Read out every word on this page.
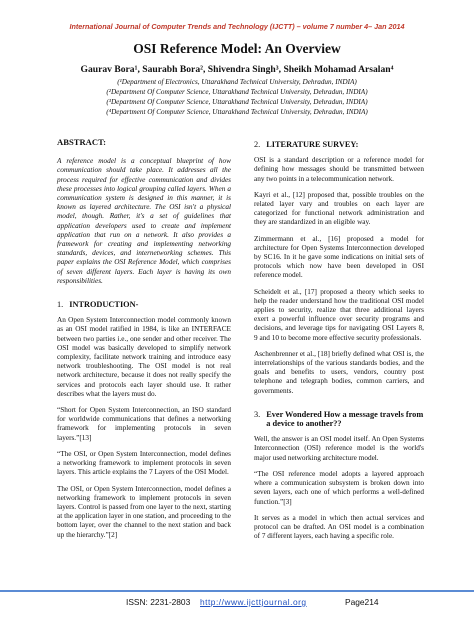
International Journal of Computer Trends and Technology (IJCTT) – volume 7 number 4– Jan 2014
OSI Reference Model: An Overview
Gaurav Bora¹, Saurabh Bora², Shivendra Singh³, Sheikh Mohamad Arsalan⁴
(¹Department of Electronics, Uttarakhand Technical University, Dehradun, INDIA)
(²Department Of Computer Science, Uttarakhand Technical University, Dehradun, INDIA)
(³Department Of Computer Science, Uttarakhand Technical University, Dehradun, INDIA)
(⁴Department Of Computer Science, Uttarakhand Technical University, Dehradun, INDIA)
ABSTRACT:

A reference model is a conceptual blueprint of how communication should take place. It addresses all the process required for effective communication and divides these processes into logical grouping called layers. When a communication system is designed in this manner, it is known as layered architecture. The OSI isn't a physical model, though. Rather, it's a set of guidelines that application developers used to create and implement application that run on a network. It also provides a framework for creating and implementing networking standards, devices, and internetworking schemes. This paper explains the OSI Reference Model, which comprises of seven different layers. Each layer is having its own responsibilities.

1. INTRODUCTION-

An Open System Interconnection model commonly known as an OSI model ratified in 1984, is like an INTERFACE between two parties i.e., one sender and other receiver. The OSI model was basically developed to simplify network complexity, facilitate network training and introduce easy network troubleshooting. The OSI model is not real network architecture, because it does not really specify the services and protocols each layer should use. It rather describes what the layers must do.

“Short for Open System Interconnection, an ISO standard for worldwide communications that defines a networking framework for implementing protocols in seven layers.”[13]

“The OSI, or Open System Interconnection, model defines a networking framework to implement protocols in seven layers. This article explains the 7 Layers of the OSI Model.

The OSI, or Open System Interconnection, model defines a networking framework to implement protocols in seven layers. Control is passed from one layer to the next, starting at the application layer in one station, and proceeding to the bottom layer, over the channel to the next station and back up the hierarchy.”[2]

2. LITERATURE SURVEY:

OSI is a standard description or a reference model for defining how messages should be transmitted between any two points in a telecommunication network.

Kayri et al., [12] proposed that, possible troubles on the related layer vary and troubles on each layer are categorized for functional network administration and they are standardized in an eligible way.

Zimmermann et al., [16] proposed a model for architecture for Open Systems Interconnection developed by SC16. In it he gave some indications on initial sets of protocols which now have been developed in OSI reference model.

Scheidelt et al., [17] proposed a theory which seeks to help the reader understand how the traditional OSI model applies to security, realize that three additional layers exert a powerful influence over security programs and decisions, and leverage tips for navigating OSI Layers 8, 9 and 10 to become more effective security professionals.

Aschenbrenner et al., [18] briefly defined what OSI is, the interrelationships of the various standards bodies, and the goals and benefits to users, vendors, country post telephone and telegraph bodies, common carriers, and governments.

3. Ever Wondered How a message travels from a device to another??

Well, the answer is an OSI model itself. An Open Systems Interconnection (OSI) reference model is the world's major used networking architecture model.

“The OSI reference model adopts a layered approach where a communication subsystem is broken down into seven layers, each one of which performs a well-defined function.”[3]

It serves as a model in which then actual services and protocol can be drafted. An OSI model is a combination of 7 different layers, each having a specific role.

ISSN: 2231-2803 http://www.ijcttjournal.org	Page214
